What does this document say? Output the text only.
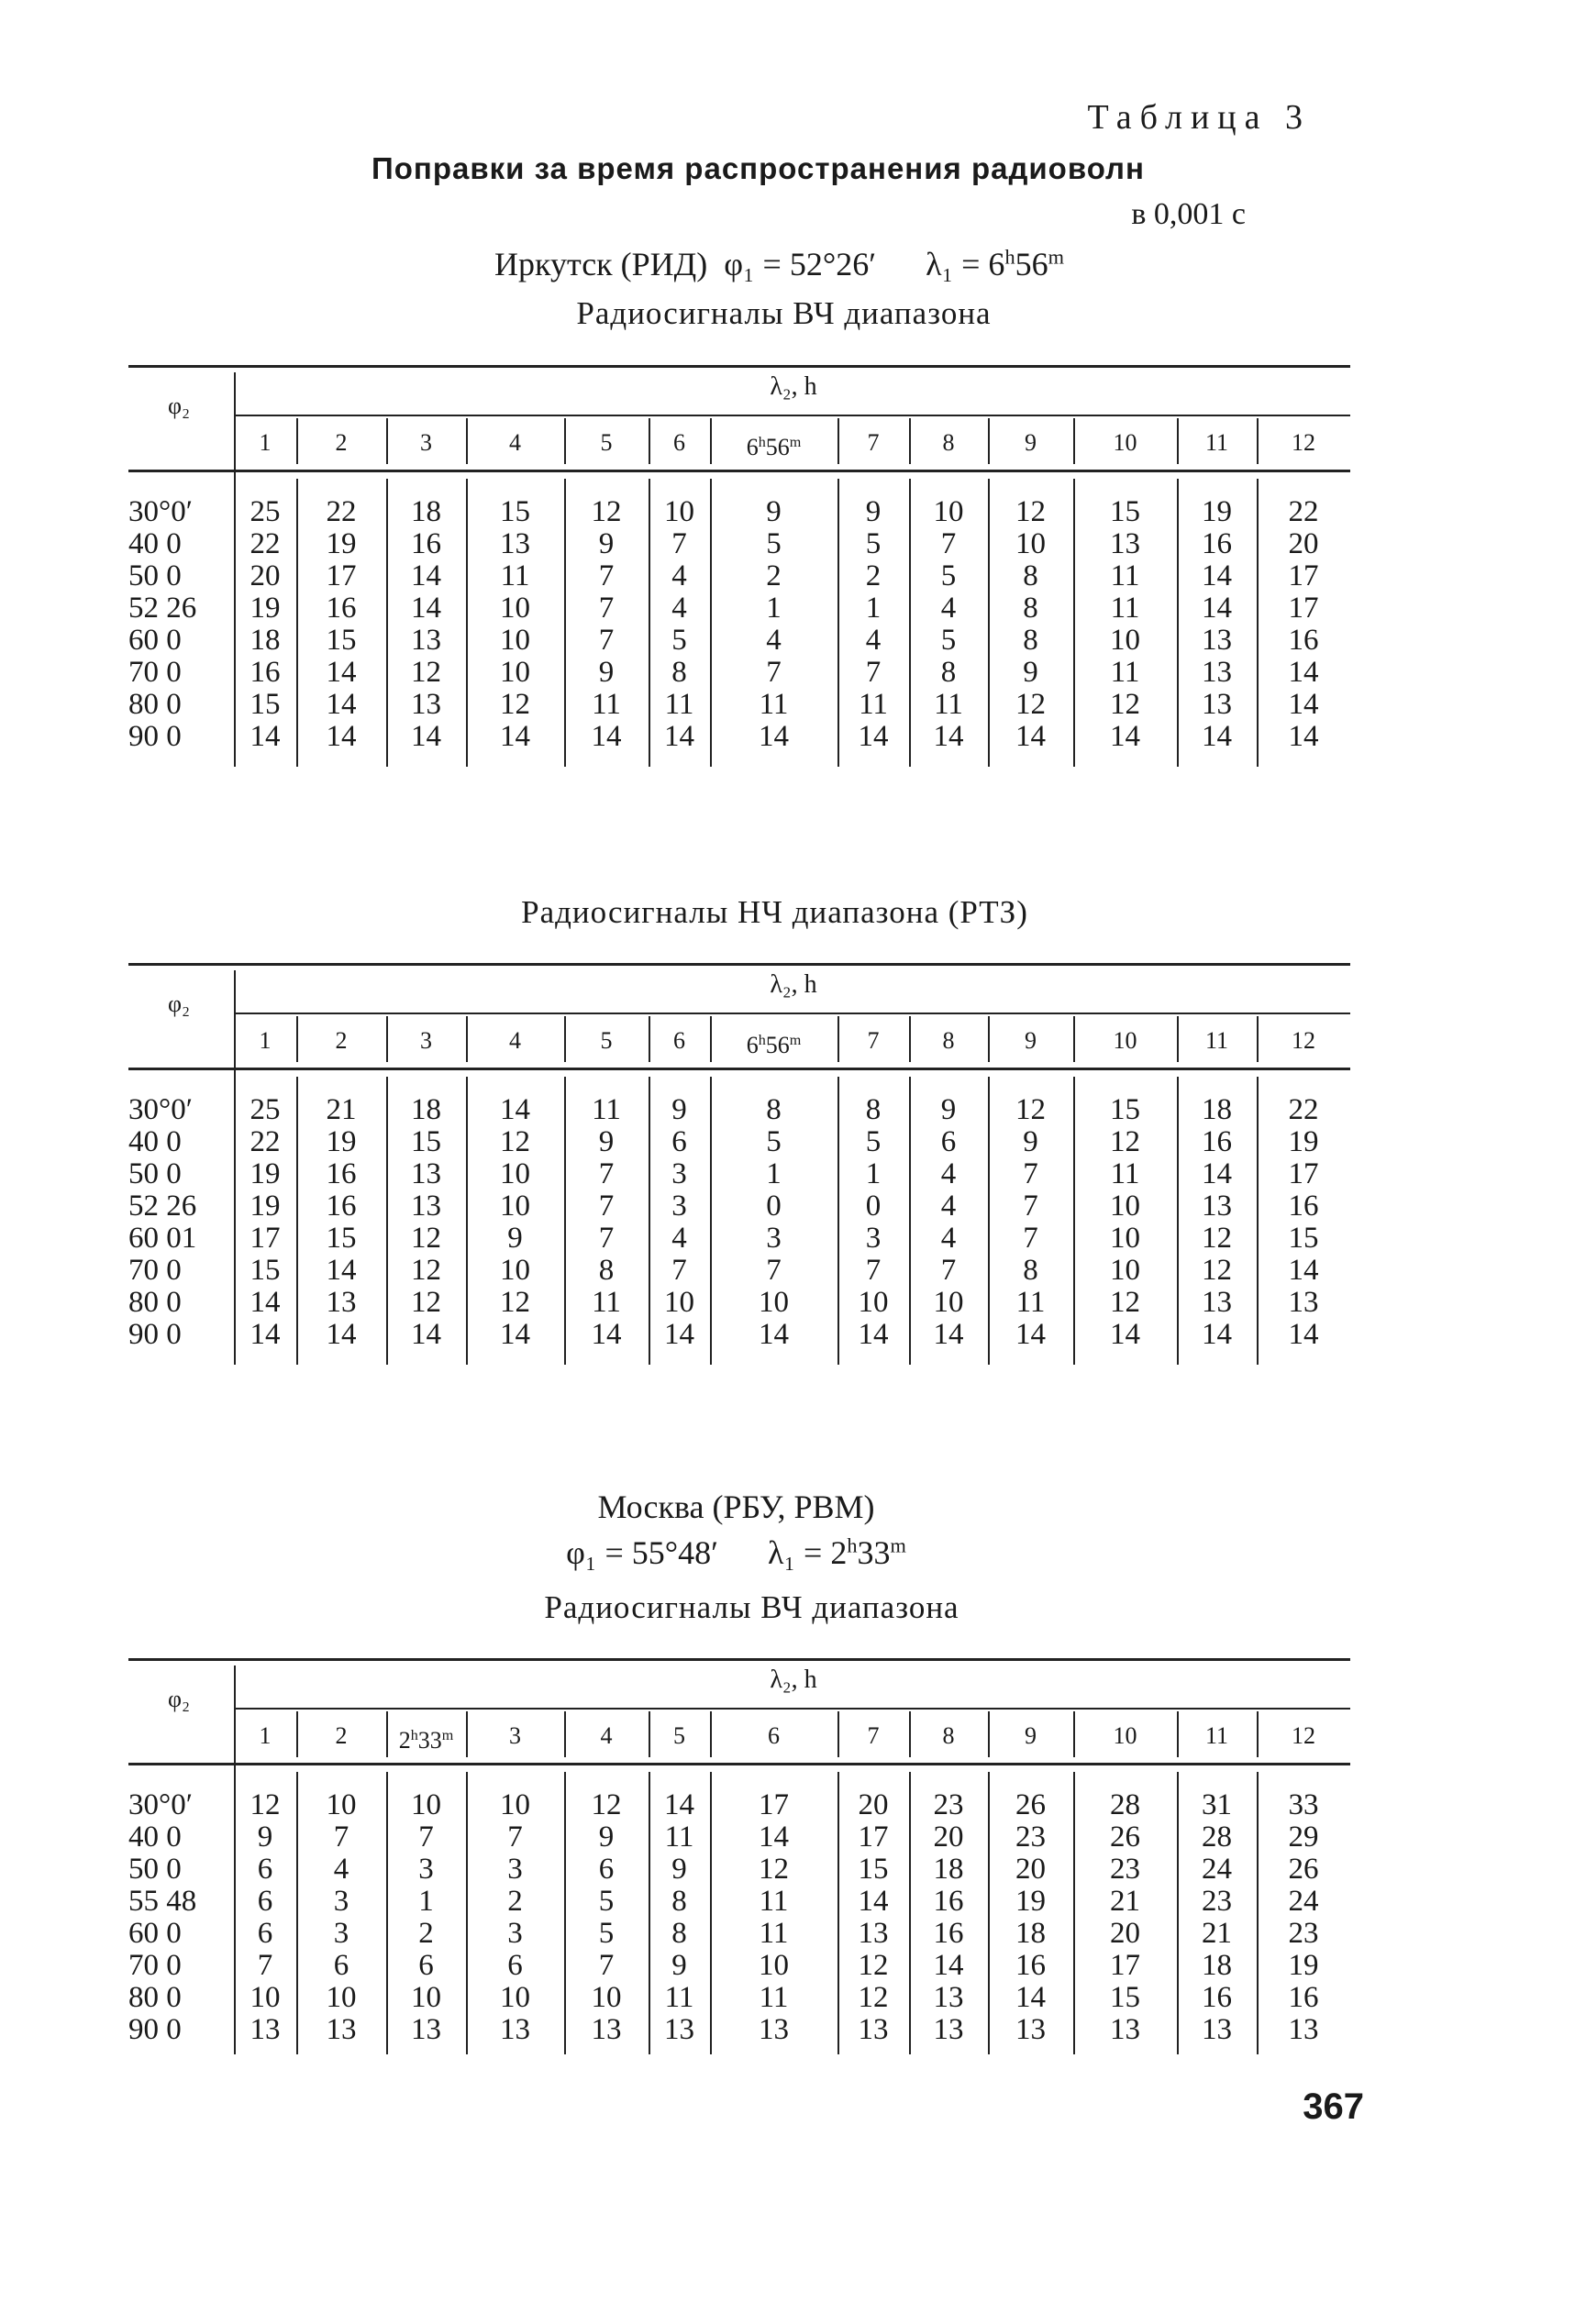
Таблица 3
Поправки за время распространения радиоволн
в 0,001 с
Иркутск (РИД) φ₁ = 52°26′ $\lambda_1 = 6^h56^m$
Радиосигналы ВЧ диапазона
φ₂
λ₂, h
1	2	3	4	5	6	6$^h$56$^m$	7	8	9	10	11	12
30°0′	25	22	18	15	12	10	9	9	10	12	15	19	22
40 0	22	19	16	13	9	7	5	5	7	10	13	16	20
50 0	20	17	14	11	7	4	2	2	5	8	11	14	17
52 26	19	16	14	10	7	4	1	1	4	8	11	14	17
60 0	18	15	13	10	7	5	4	4	5	8	10	13	16
70 0	16	14	12	10	9	8	7	7	8	9	11	13	14
80 0	15	14	13	12	11	11	11	11	11	12	12	13	14
90 0	14	14	14	14	14	14	14	14	14	14	14	14	14
Радиосигналы НЧ диапазона (РТЗ)
φ₂
λ₂, h
1	2	3	4	5	6	6$^h$56$^m$	7	8	9	10	11	12
30°0′	25	21	18	14	11	9	8	8	9	12	15	18	22
40 0	22	19	15	12	9	6	5	5	6	9	12	16	19
50 0	19	16	13	10	7	3	1	1	4	7	11	14	17
52 26	19	16	13	10	7	3	0	0	4	7	10	13	16
60 01	17	15	12	9	7	4	3	3	4	7	10	12	15
70 0	15	14	12	10	8	7	7	7	7	8	10	12	14
80 0	14	13	12	12	11	10	10	10	10	11	12	13	13
90 0	14	14	14	14	14	14	14	14	14	14	14	14	14
Москва (РБУ, РВМ)
φ₁ = 55°48′ $\lambda_1 = 2^h33^m$
Радиосигналы ВЧ диапазона
φ₂
λ₂, h
1	2	2$^h$33$^m$	3	4	5	6	7	8	9	10	11	12
30°0′	12	10	10	10	12	14	17	20	23	26	28	31	33
40 0	9	7	7	7	9	11	14	17	20	23	26	28	29
50 0	6	4	3	3	6	9	12	15	18	20	23	24	26
55 48	6	3	1	2	5	8	11	14	16	19	21	23	24
60 0	6	3	2	3	5	8	11	13	16	18	20	21	23
70 0	7	6	6	6	7	9	10	12	14	16	17	18	19
80 0	10	10	10	10	10	11	11	12	13	14	15	16	16
90 0	13	13	13	13	13	13	13	13	13	13	13	13	13
367
